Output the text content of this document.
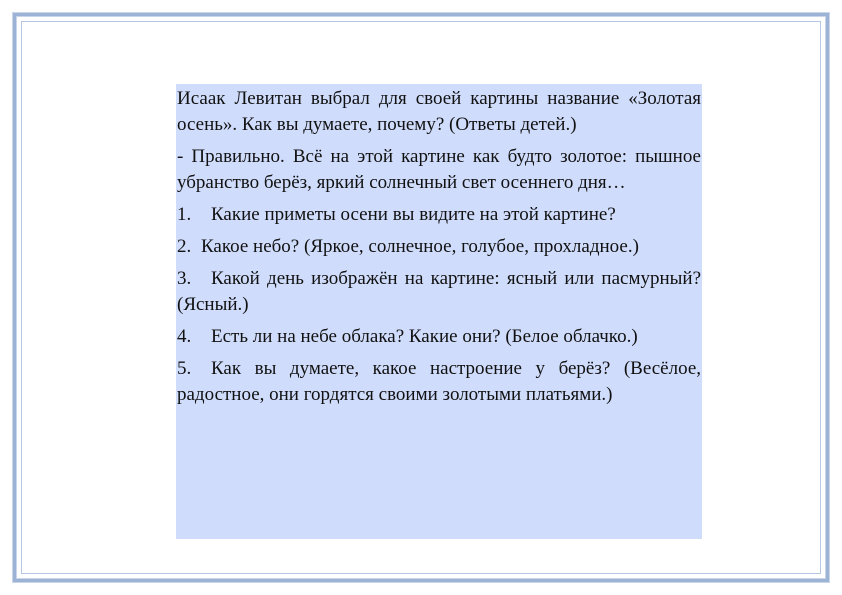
Исаак Левитан выбрал для своей картины название «Золотая осень». Как вы думаете, почему? (Ответы детей.)

- Правильно. Всё на этой картине как будто золотое: пышное убранство берёз, яркий солнечный свет осеннего дня…

1. Какие приметы осени вы видите на этой картине?

2. Какое небо? (Яркое, солнечное, голубое, прохладное.)

3. Какой день изображён на картине: ясный или пасмурный? (Ясный.)

4. Есть ли на небе облака? Какие они? (Белое облачко.)

5. Как вы думаете, какое настроение у берёз? (Весёлое, радостное, они гордятся своими золотыми платьями.)
